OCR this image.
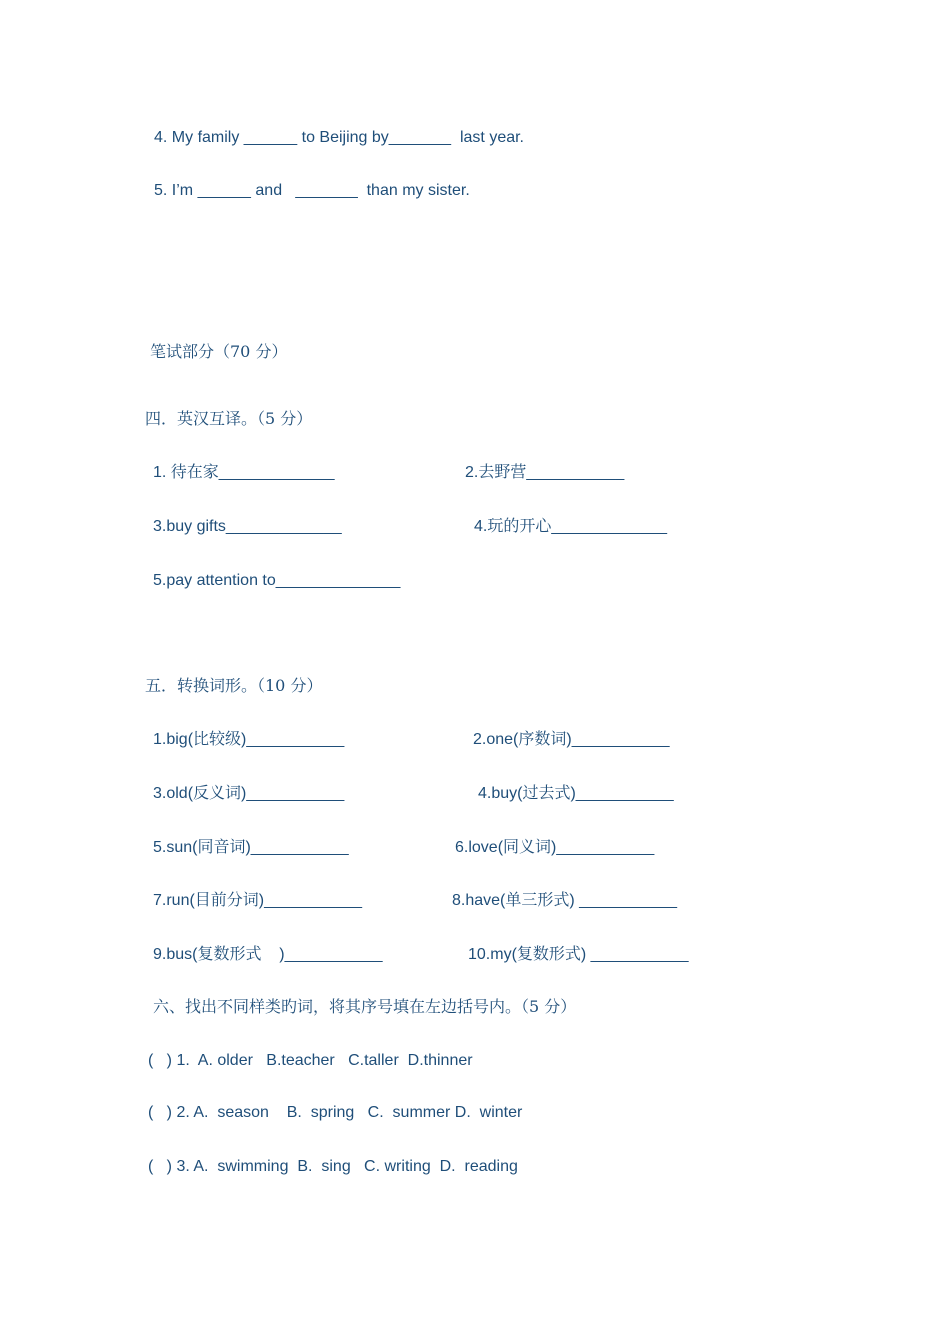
4. My family ______ to Beijing by_______  last year.
5. I’m ______ and   _______  than my sister.
笔试部分（70 分）
四．英汉互译。（5 分）
1. 待在家_____________	2.去野营___________
3.buy gifts_____________	4.玩的开心_____________
5.pay attention to______________
五．转换词形。（10 分）
1.big(比较级)___________	2.one(序数词)___________
3.old(反义词)___________	4.buy(过去式)___________
5.sun(同音词)___________	6.love(同义词)___________
7.run(目前分词)___________	8.have(单三形式) ___________
9.bus(复数形式    )___________	10.my(复数形式) ___________
六、找出不同样类旳词，将其序号填在左边括号内。（5 分）
(   ) 1.  A. older   B.teacher   C.taller  D.thinner
(   ) 2. A.  season    B.  spring   C.  summer D.  winter
(   ) 3. A.  swimming  B.  sing   C. writing  D.  reading
